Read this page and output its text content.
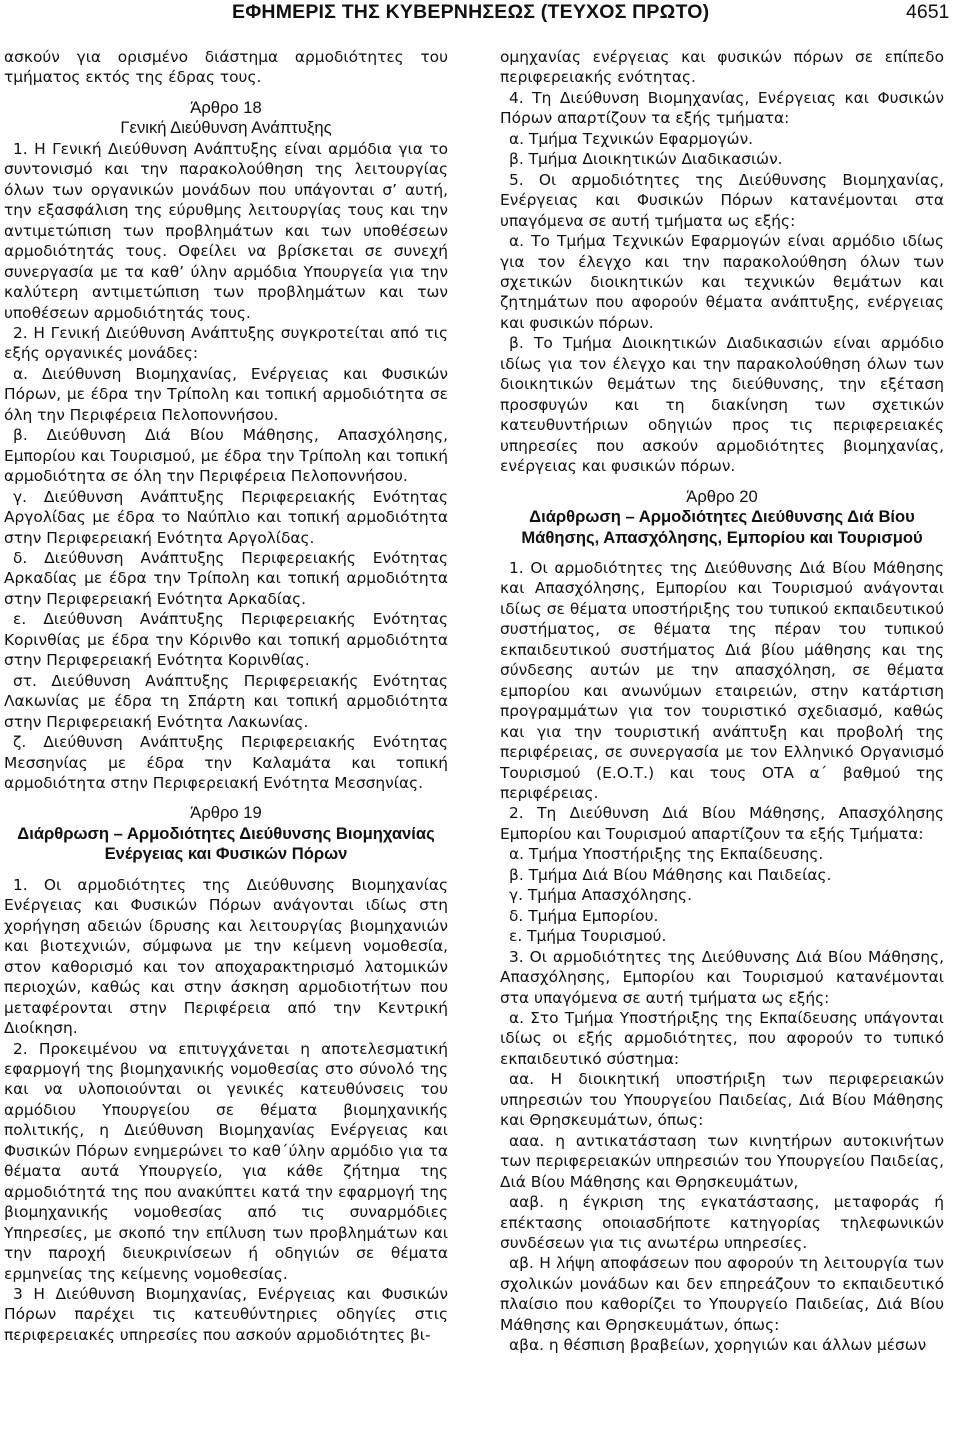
ΕΦΗΜΕΡΙΣ ΤΗΣ ΚΥΒΕΡΝΗΣΕΩΣ (ΤΕΥΧΟΣ ΠΡΩΤΟ)	4651

ασκούν για ορισμένο διάστημα αρμοδιότητες του τμήματος εκτός της έδρας τους.

Άρθρο 18

Γενική Διεύθυνση Ανάπτυξης

1. Η Γενική Διεύθυνση Ανάπτυξης είναι αρμόδια για το συντονισμό και την παρακολούθηση της λειτουργίας όλων των οργανικών μονάδων που υπάγονται σ’ αυτή, την εξασφάλιση της εύρυθμης λειτουργίας τους και την αντιμετώπιση των προβλημάτων και των υποθέσεων αρμοδιότητάς τους. Οφείλει να βρίσκεται σε συνεχή συνεργασία με τα καθ’ ύλην αρμόδια Υπουργεία για την καλύτερη αντιμετώπιση των προβλημάτων και των υποθέσεων αρμοδιότητάς τους.

2. Η Γενική Διεύθυνση Ανάπτυξης συγκροτείται από τις εξής οργανικές μονάδες:

α. Διεύθυνση Βιομηχανίας, Ενέργειας και Φυσικών Πόρων, με έδρα την Τρίπολη και τοπική αρμοδιότητα σε όλη την Περιφέρεια Πελοποννήσου.

β. Διεύθυνση Διά Βίου Μάθησης, Απασχόλησης, Εμπορίου και Τουρισμού, με έδρα την Τρίπολη και τοπική αρμοδιότητα σε όλη την Περιφέρεια Πελοποννήσου.

γ. Διεύθυνση Ανάπτυξης Περιφερειακής Ενότητας Αργολίδας με έδρα το Ναύπλιο και τοπική αρμοδιότητα στην Περιφερειακή Ενότητα Αργολίδας.

δ. Διεύθυνση Ανάπτυξης Περιφερειακής Ενότητας Αρκαδίας με έδρα την Τρίπολη και τοπική αρμοδιότητα στην Περιφερειακή Ενότητα Αρκαδίας.

ε. Διεύθυνση Ανάπτυξης Περιφερειακής Ενότητας Κορινθίας με έδρα την Κόρινθο και τοπική αρμοδιότητα στην Περιφερειακή Ενότητα Κορινθίας.

στ. Διεύθυνση Ανάπτυξης Περιφερειακής Ενότητας Λακωνίας με έδρα τη Σπάρτη και τοπική αρμοδιότητα στην Περιφερειακή Ενότητα Λακωνίας.

ζ. Διεύθυνση Ανάπτυξης Περιφερειακής Ενότητας Μεσσηνίας με έδρα την Καλαμάτα και τοπική αρμοδιότητα στην Περιφερειακή Ενότητα Μεσσηνίας.

Άρθρο 19

Διάρθρωση – Αρμοδιότητες Διεύθυνσης Βιομηχανίας Ενέργειας και Φυσικών Πόρων

1. Οι αρμοδιότητες της Διεύθυνσης Βιομηχανίας Ενέργειας και Φυσικών Πόρων ανάγονται ιδίως στη χορήγηση αδειών ίδρυσης και λειτουργίας βιομηχανιών και βιοτεχνιών, σύμφωνα με την κείμενη νομοθεσία, στον καθορισμό και τον αποχαρακτηρισμό λατομικών περιοχών, καθώς και στην άσκηση αρμοδιοτήτων που μεταφέρονται στην Περιφέρεια από την Κεντρική Διοίκηση.

2. Προκειμένου να επιτυγχάνεται η αποτελεσματική εφαρμογή της βιομηχανικής νομοθεσίας στο σύνολό της και να υλοποιούνται οι γενικές κατευθύνσεις του αρμόδιου Υπουργείου σε θέματα βιομηχανικής πολιτικής, η Διεύθυνση Βιομηχανίας Ενέργειας και Φυσικών Πόρων ενημερώνει το καθ΄ύλην αρμόδιο για τα θέματα αυτά Υπουργείο, για κάθε ζήτημα της αρμοδιότητά της που ανακύπτει κατά την εφαρμογή της βιομηχανικής νομοθεσίας από τις συναρμόδιες Υπηρεσίες, με σκοπό την επίλυση των προβλημάτων και την παροχή διευκρινίσεων ή οδηγιών σε θέματα ερμηνείας της κείμενης νομοθεσίας.

3 Η Διεύθυνση Βιομηχανίας, Ενέργειας και Φυσικών Πόρων παρέχει τις κατευθύντηριες οδηγίες στις περιφερειακές υπηρεσίες που ασκούν αρμοδιότητες βι-

ομηχανίας ενέργειας και φυσικών πόρων σε επίπεδο περιφερειακής ενότητας.

4. Τη Διεύθυνση Βιομηχανίας, Ενέργειας και Φυσικών Πόρων απαρτίζουν τα εξής τμήματα:

α. Τμήμα Τεχνικών Εφαρμογών.

β. Τμήμα Διοικητικών Διαδικασιών.

5. Οι αρμοδιότητες της Διεύθυνσης Βιομηχανίας, Ενέργειας και Φυσικών Πόρων κατανέμονται στα υπαγόμενα σε αυτή τμήματα ως εξής:

α. Το Τμήμα Τεχνικών Εφαρμογών είναι αρμόδιο ιδίως για τον έλεγχο και την παρακολούθηση όλων των σχετικών διοικητικών και τεχνικών θεμάτων και ζητημάτων που αφορούν θέματα ανάπτυξης, ενέργειας και φυσικών πόρων.

β. Το Τμήμα Διοικητικών Διαδικασιών είναι αρμόδιο ιδίως για τον έλεγχο και την παρακολούθηση όλων των διοικητικών θεμάτων της διεύθυνσης, την εξέταση προσφυγών και τη διακίνηση των σχετικών κατευθυντήριων οδηγιών προς τις περιφερειακές υπηρεσίες που ασκούν αρμοδιότητες βιομηχανίας, ενέργειας και φυσικών πόρων.

Άρθρο 20

Διάρθρωση – Αρμοδιότητες Διεύθυνσης Διά Βίου Μάθησης, Απασχόλησης, Εμπορίου και Τουρισμού

1. Οι αρμοδιότητες της Διεύθυνσης Διά Βίου Μάθησης και Απασχόλησης, Εμπορίου και Τουρισμού ανάγονται ιδίως σε θέματα υποστήριξης του τυπικού εκπαιδευτικού συστήματος, σε θέματα της πέραν του τυπικού εκπαιδευτικού συστήματος Διά βίου μάθησης και της σύνδεσης αυτών με την απασχόληση, σε θέματα εμπορίου και ανωνύμων εταιρειών, στην κατάρτιση προγραμμάτων για τον τουριστικό σχεδιασμό, καθώς και για την τουριστική ανάπτυξη και προβολή της περιφέρειας, σε συνεργασία με τον Ελληνικό Οργανισμό Τουρισμού (Ε.Ο.Τ.) και τους ΟΤΑ α΄ βαθμού της περιφέρειας.

2. Τη Διεύθυνση Διά Βίου Μάθησης, Απασχόλησης Εμπορίου και Τουρισμού απαρτίζουν τα εξής Τμήματα:

α. Τμήμα Υποστήριξης της Εκπαίδευσης.

β. Τμήμα Διά Βίου Μάθησης και Παιδείας.

γ. Τμήμα Απασχόλησης.

δ. Τμήμα Εμπορίου.

ε. Τμήμα Τουρισμού.

3. Οι αρμοδιότητες της Διεύθυνσης Διά Βίου Μάθησης, Απασχόλησης, Εμπορίου και Τουρισμού κατανέμονται στα υπαγόμενα σε αυτή τμήματα ως εξής:

α. Στο Τμήμα Υποστήριξης της Εκπαίδευσης υπάγονται ιδίως οι εξής αρμοδιότητες, που αφορούν το τυπικό εκπαιδευτικό σύστημα:

αα. Η διοικητική υποστήριξη των περιφερειακών υπηρεσιών του Υπουργείου Παιδείας, Διά Βίου Μάθησης και Θρησκευμάτων, όπως:

ααα. η αντικατάσταση των κινητήρων αυτοκινήτων των περιφερειακών υπηρεσιών του Υπουργείου Παιδείας, Διά Βίου Μάθησης και Θρησκευμάτων,

ααβ. η έγκριση της εγκατάστασης, μεταφοράς ή επέκτασης οποιασδήποτε κατηγορίας τηλεφωνικών συνδέσεων για τις ανωτέρω υπηρεσίες.

αβ. Η λήψη αποφάσεων που αφορούν τη λειτουργία των σχολικών μονάδων και δεν επηρεάζουν το εκπαιδευτικό πλαίσιο που καθορίζει το Υπουργείο Παιδείας, Διά Βίου Μάθησης και Θρησκευμάτων, όπως:

αβα. η θέσπιση βραβείων, χορηγιών και άλλων μέσων
